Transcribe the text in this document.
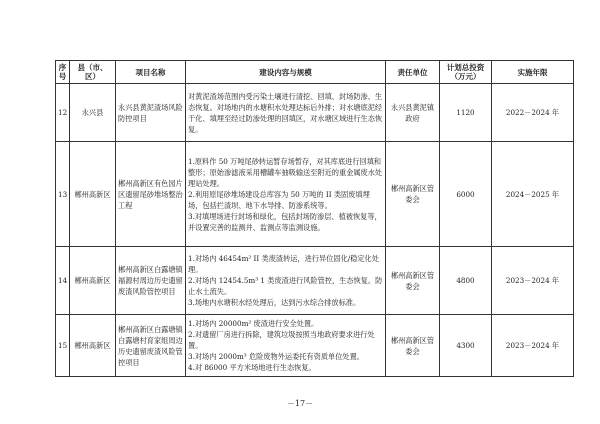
序号	县（市、区）	项目名称	建设内容与规模	责任单位	计划总投资（万元）	实施年限
12	永兴县	永兴县黄泥渣场风险防控项目	对黄泥渣场范围内受污染土壤进行清挖、回填、封场防渗、生态恢复。对场地内的水塘积水处理达标后外排；对水塘底泥经干化、填埋至经过防渗处理的回填区，对水塘区域进行生态恢复。	永兴县黄泥镇政府	1120	2022－2024 年
13	郴州高新区	郴州高新区有色园片区遗留尾砂堆场整治工程	1.原料作 50 万吨尾砂转运暂存场暂存，对其库底进行回填和整形；原始渗滤液采用槽罐车抽吸输送至附近的重金属废水处理站处理。
2.利用原尾砂堆场建设总库容为 50 万吨的 II 类固废填埋场，包括拦渣坝、地下水导排、防渗系统等。
3.对填埋场进行封场和绿化，包括封场防渗层、植被恢复等，并设置完善的监测井、监测点等监测设施。	郴州高新区管委会	6000	2024－2025 年
14	郴州高新区	郴州高新区白露塘镇福源村周边历史遗留废渣风险管控项目	1.对场内 46454m² II 类废渣转运，进行异位固化/稳定化处理。
2.对场内 12454.5m³ 1 类废渣进行风险管控，生态恢复。防止水土流失。
3.场地内水塘积水经处理后，达到污水综合排放标准。	郴州高新区管委会	4800	2023－2024 年
15	郴州高新区	郴州高新区白露塘镇白露塘村育家组周边历史遗留废渣风险管控项目	1.对场内 20000m² 废渣进行安全处置。
2.对遗留厂房进行拆除，建筑垃圾按照当地政府要求进行处置。
3.对场内 2000m³ 危险废物外运委托有资质单位处置。
4.对 86000 平方米场地进行生态恢复。	郴州高新区管委会	4300	2023－2024 年
－17－
